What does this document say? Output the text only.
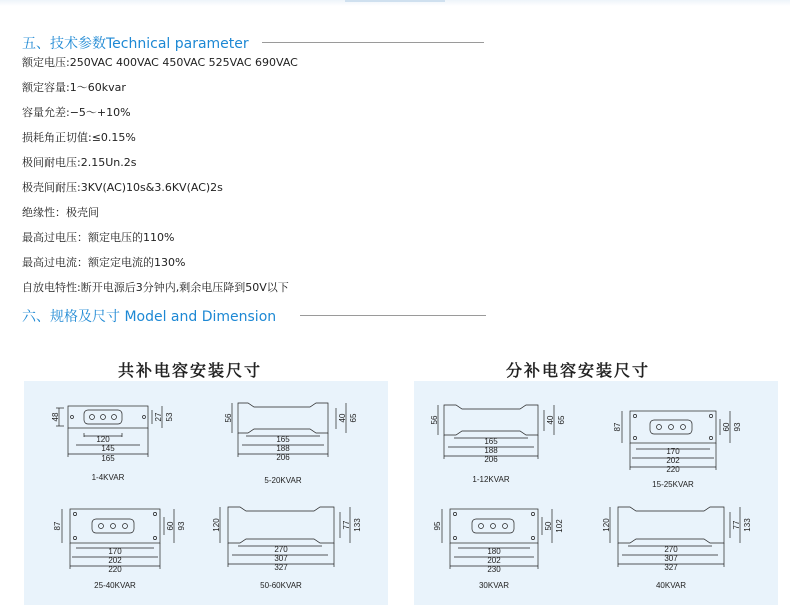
五、技术参数Technical parameter
额定电压:250VAC 400VAC 450VAC 525VAC 690VAC
额定容量:1～60kvar
容量允差:−5～+10%
损耗角正切值:≤0.15%
极间耐电压:2.15Un.2s
极壳间耐压:3KV(AC)10s&3.6KV(AC)2s
绝缘性：极壳间
最高过电压：额定电压的110%
最高过电流：额定定电流的130%
自放电特性:断开电源后3分钟内,剩余电压降到50V以下
六、规格及尺寸 Model and Dimension
共补电容安装尺寸
120
145
165
48	27 53
1-4KVAR
165
188
206
56	40 65
5-20KVAR
170
202
220
87	60 93
25-40KVAR
270
307
327
120	77 133
50-60KVAR
分补电容安装尺寸
165
188
206
56	40 65
1-12KVAR
170
202
220
87	60 93
15-25KVAR
180
202
230
95	50 102
30KVAR
270
307
327
120	77 133
40KVAR
